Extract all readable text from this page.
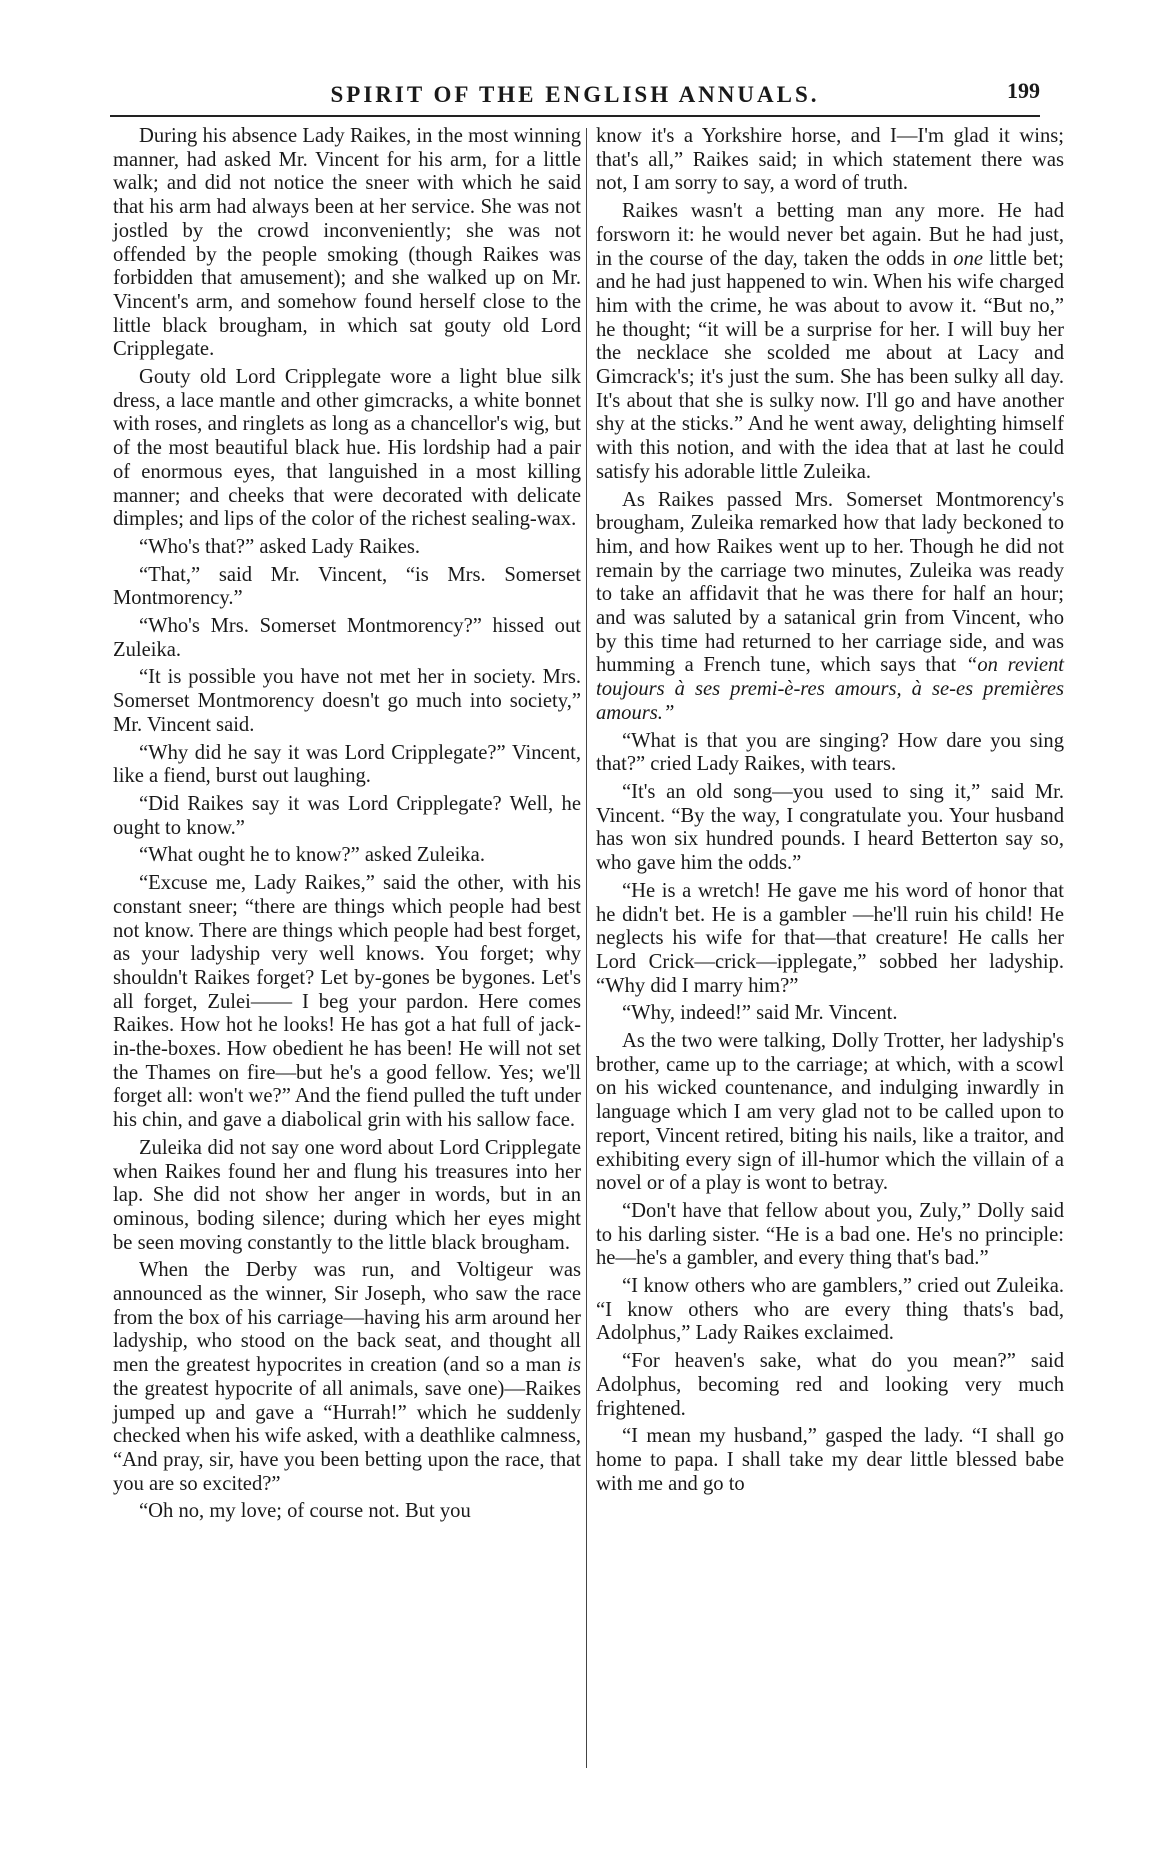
SPIRIT OF THE ENGLISH ANNUALS.	199

During his absence Lady Raikes, in the most winning manner, had asked Mr. Vincent for his arm, for a little walk; and did not notice the sneer with which he said that his arm had always been at her service. She was not jostled by the crowd inconveniently; she was not offended by the people smoking (though Raikes was forbidden that amusement); and she walked up on Mr. Vincent's arm, and somehow found herself close to the little black brougham, in which sat gouty old Lord Cripplegate.

Gouty old Lord Cripplegate wore a light blue silk dress, a lace mantle and other gimcracks, a white bonnet with roses, and ringlets as long as a chancellor's wig, but of the most beautiful black hue. His lordship had a pair of enormous eyes, that languished in a most killing manner; and cheeks that were decorated with delicate dimples; and lips of the color of the richest sealing-wax.

“Who's that?” asked Lady Raikes.

“That,” said Mr. Vincent, “is Mrs. Somerset Montmorency.”

“Who's Mrs. Somerset Montmorency?” hissed out Zuleika.

“It is possible you have not met her in society. Mrs. Somerset Montmorency doesn't go much into society,” Mr. Vincent said.

“Why did he say it was Lord Cripplegate?” Vincent, like a fiend, burst out laughing.

“Did Raikes say it was Lord Cripplegate? Well, he ought to know.”

“What ought he to know?” asked Zuleika.

“Excuse me, Lady Raikes,” said the other, with his constant sneer; “there are things which people had best not know. There are things which people had best forget, as your ladyship very well knows. You forget; why shouldn't Raikes forget? Let by-gones be bygones. Let's all forget, Zulei—— I beg your pardon. Here comes Raikes. How hot he looks! He has got a hat full of jack-in-the-boxes. How obedient he has been! He will not set the Thames on fire—but he's a good fellow. Yes; we'll forget all: won't we?” And the fiend pulled the tuft under his chin, and gave a diabolical grin with his sallow face.

Zuleika did not say one word about Lord Cripplegate when Raikes found her and flung his treasures into her lap. She did not show her anger in words, but in an ominous, boding silence; during which her eyes might be seen moving constantly to the little black brougham.

When the Derby was run, and Voltigeur was announced as the winner, Sir Joseph, who saw the race from the box of his carriage—having his arm around her ladyship, who stood on the back seat, and thought all men the greatest hypocrites in creation (and so a man is the greatest hypocrite of all animals, save one)—Raikes jumped up and gave a “Hurrah!” which he suddenly checked when his wife asked, with a deathlike calmness, “And pray, sir, have you been betting upon the race, that you are so excited?”

“Oh no, my love; of course not. But you

know it's a Yorkshire horse, and I—I'm glad it wins; that's all,” Raikes said; in which statement there was not, I am sorry to say, a word of truth.

Raikes wasn't a betting man any more. He had forsworn it: he would never bet again. But he had just, in the course of the day, taken the odds in one little bet; and he had just happened to win. When his wife charged him with the crime, he was about to avow it. “But no,” he thought; “it will be a surprise for her. I will buy her the necklace she scolded me about at Lacy and Gimcrack's; it's just the sum. She has been sulky all day. It's about that she is sulky now. I'll go and have another shy at the sticks.” And he went away, delighting himself with this notion, and with the idea that at last he could satisfy his adorable little Zuleika.

As Raikes passed Mrs. Somerset Montmorency's brougham, Zuleika remarked how that lady beckoned to him, and how Raikes went up to her. Though he did not remain by the carriage two minutes, Zuleika was ready to take an affidavit that he was there for half an hour; and was saluted by a satanical grin from Vincent, who by this time had returned to her carriage side, and was humming a French tune, which says that “on revient toujours à ses premi-è-res amours, à se-es premières amours.”

“What is that you are singing? How dare you sing that?” cried Lady Raikes, with tears.

“It's an old song—you used to sing it,” said Mr. Vincent. “By the way, I congratulate you. Your husband has won six hundred pounds. I heard Betterton say so, who gave him the odds.”

“He is a wretch! He gave me his word of honor that he didn't bet. He is a gambler —he'll ruin his child! He neglects his wife for that—that creature! He calls her Lord Crick—crick—ipplegate,” sobbed her ladyship. “Why did I marry him?”

“Why, indeed!” said Mr. Vincent.

As the two were talking, Dolly Trotter, her ladyship's brother, came up to the carriage; at which, with a scowl on his wicked countenance, and indulging inwardly in language which I am very glad not to be called upon to report, Vincent retired, biting his nails, like a traitor, and exhibiting every sign of ill-humor which the villain of a novel or of a play is wont to betray.

“Don't have that fellow about you, Zuly,” Dolly said to his darling sister. “He is a bad one. He's no principle: he—he's a gambler, and every thing that's bad.”

“I know others who are gamblers,” cried out Zuleika. “I know others who are every thing thats's bad, Adolphus,” Lady Raikes exclaimed.

“For heaven's sake, what do you mean?” said Adolphus, becoming red and looking very much frightened.

“I mean my husband,” gasped the lady. “I shall go home to papa. I shall take my dear little blessed babe with me and go to
